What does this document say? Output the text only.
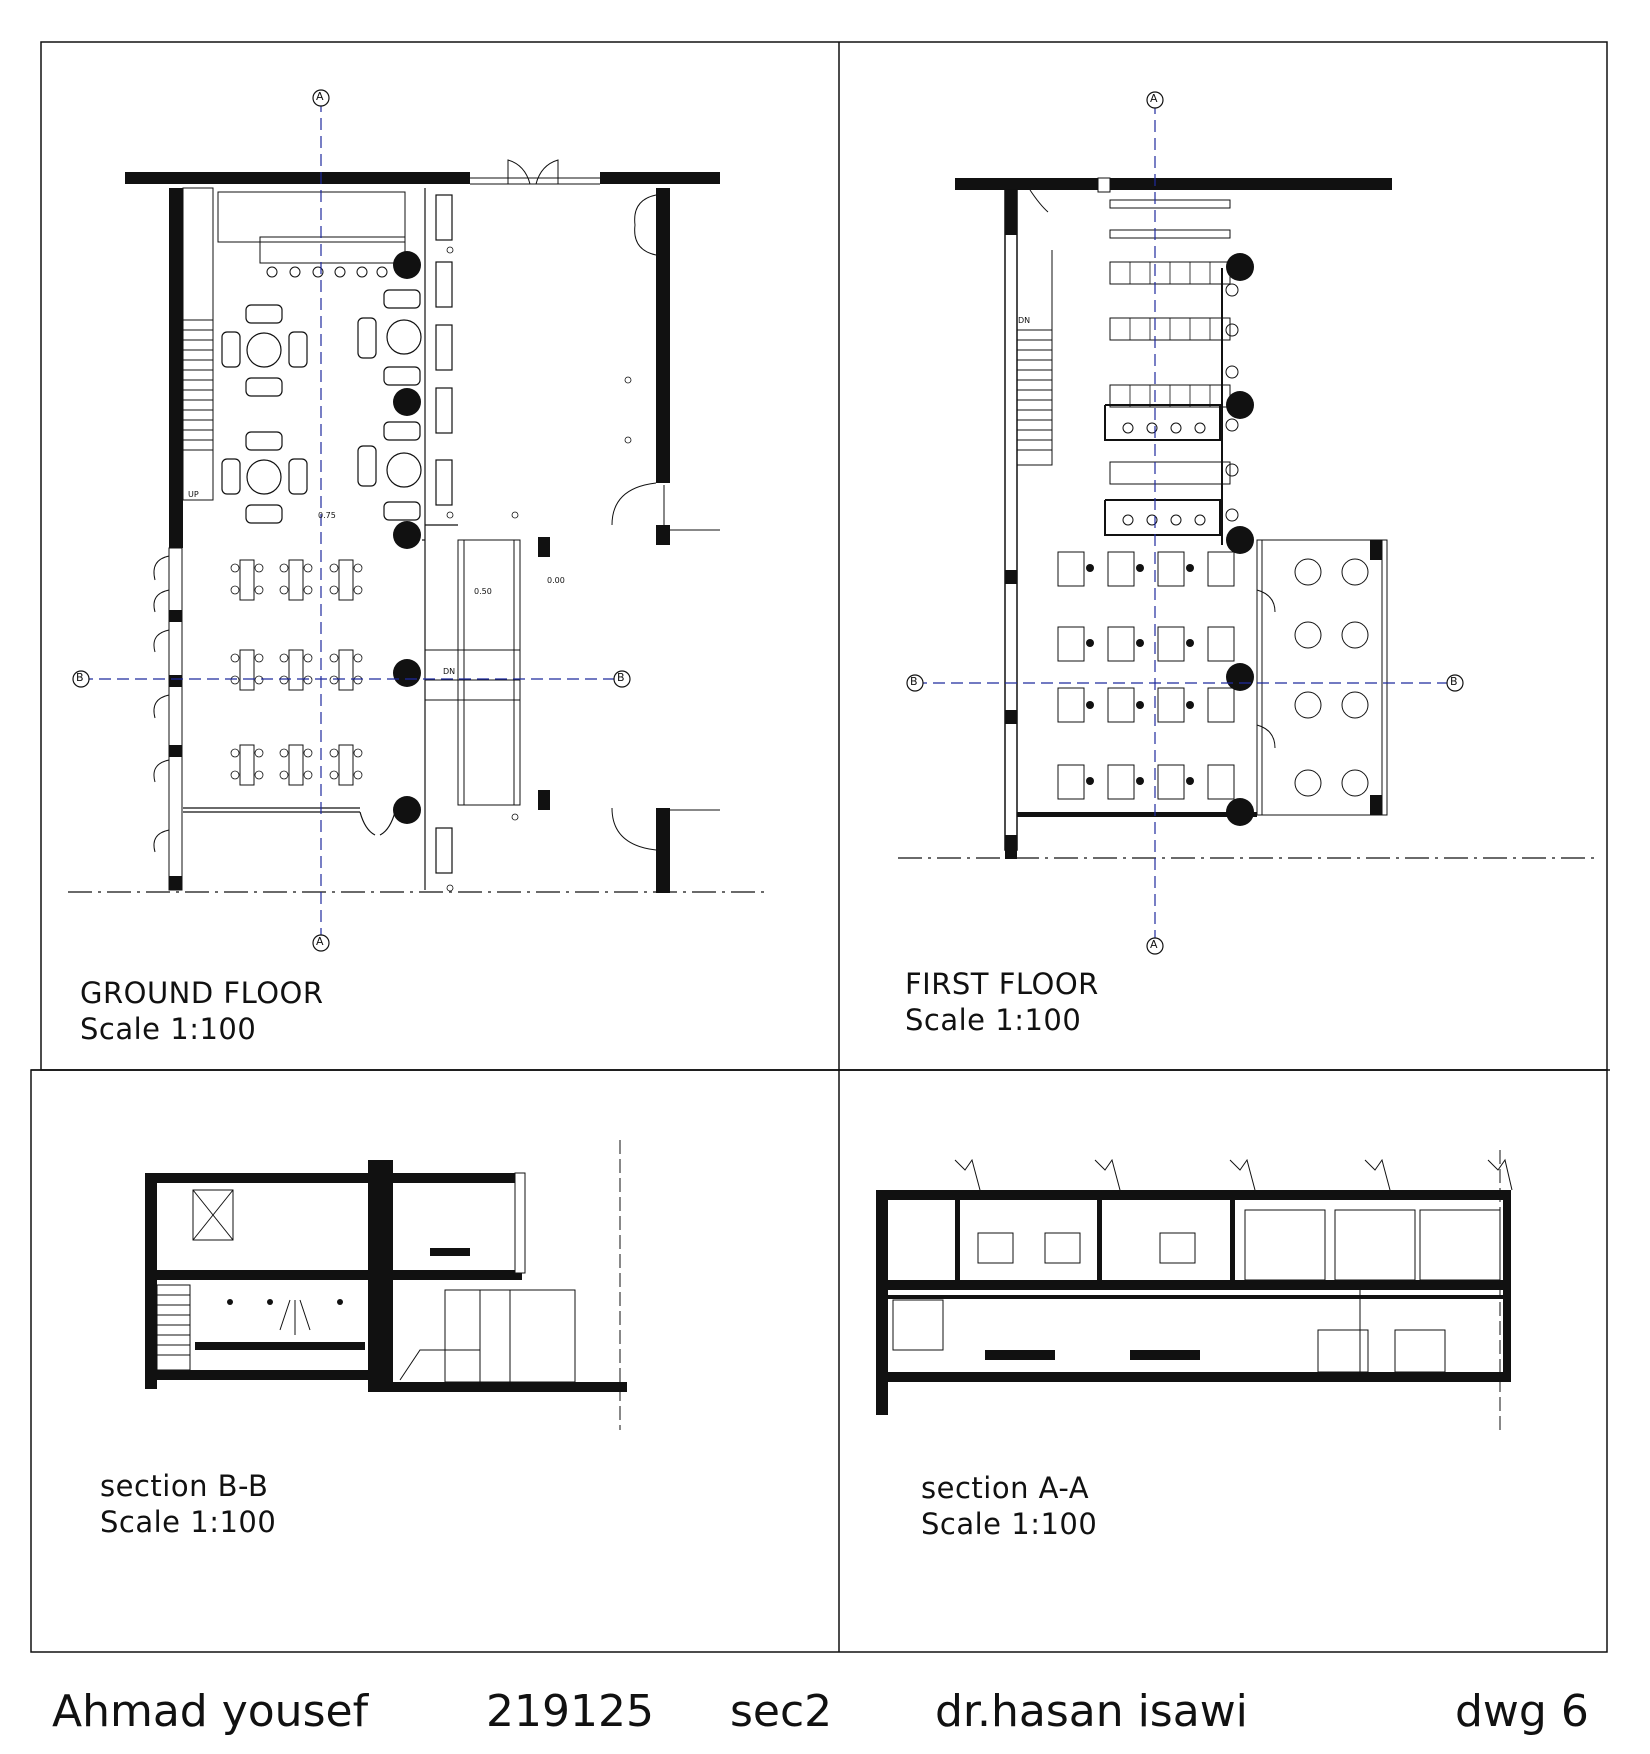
A
A
B	B
A
A
B	B
UP
DN
DN
0.75
0.50
0.00
GROUND FLOOR
Scale 1:100
FIRST FLOOR
Scale 1:100
section B-B
Scale 1:100
section A-A
Scale 1:100
Ahmad yousef	219125 sec2 dr.hasan isawi	dwg 6
